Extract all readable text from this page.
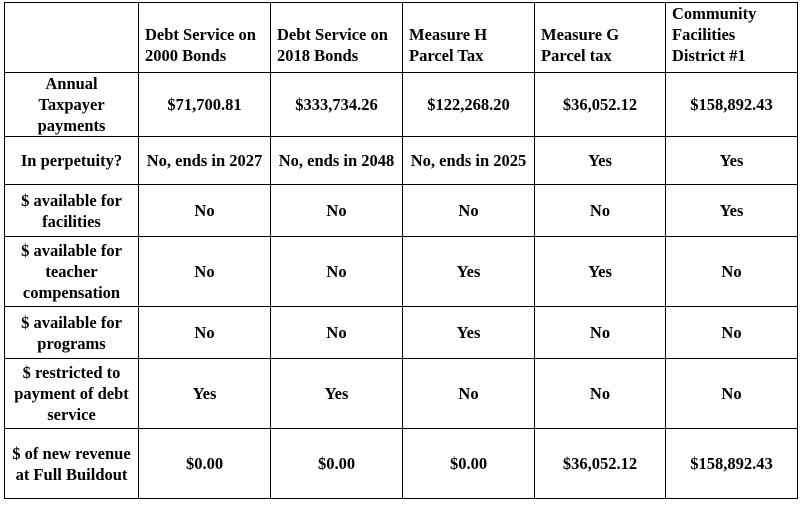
	Debt Service on 2000 Bonds	Debt Service on 2018 Bonds	Measure H Parcel Tax	Measure G Parcel tax	Community Facilities District #1
Annual Taxpayer payments	$71,700.81	$333,734.26	$122,268.20	$36,052.12	$158,892.43
In perpetuity?	No, ends in 2027	No, ends in 2048	No, ends in 2025	Yes	Yes
$ available for facilities	No	No	No	No	Yes
$ available for teacher compensation	No	No	Yes	Yes	No
$ available for programs	No	No	Yes	No	No
$ restricted to payment of debt service	Yes	Yes	No	No	No
$ of new revenue at Full Buildout	$0.00	$0.00	$0.00	$36,052.12	$158,892.43
